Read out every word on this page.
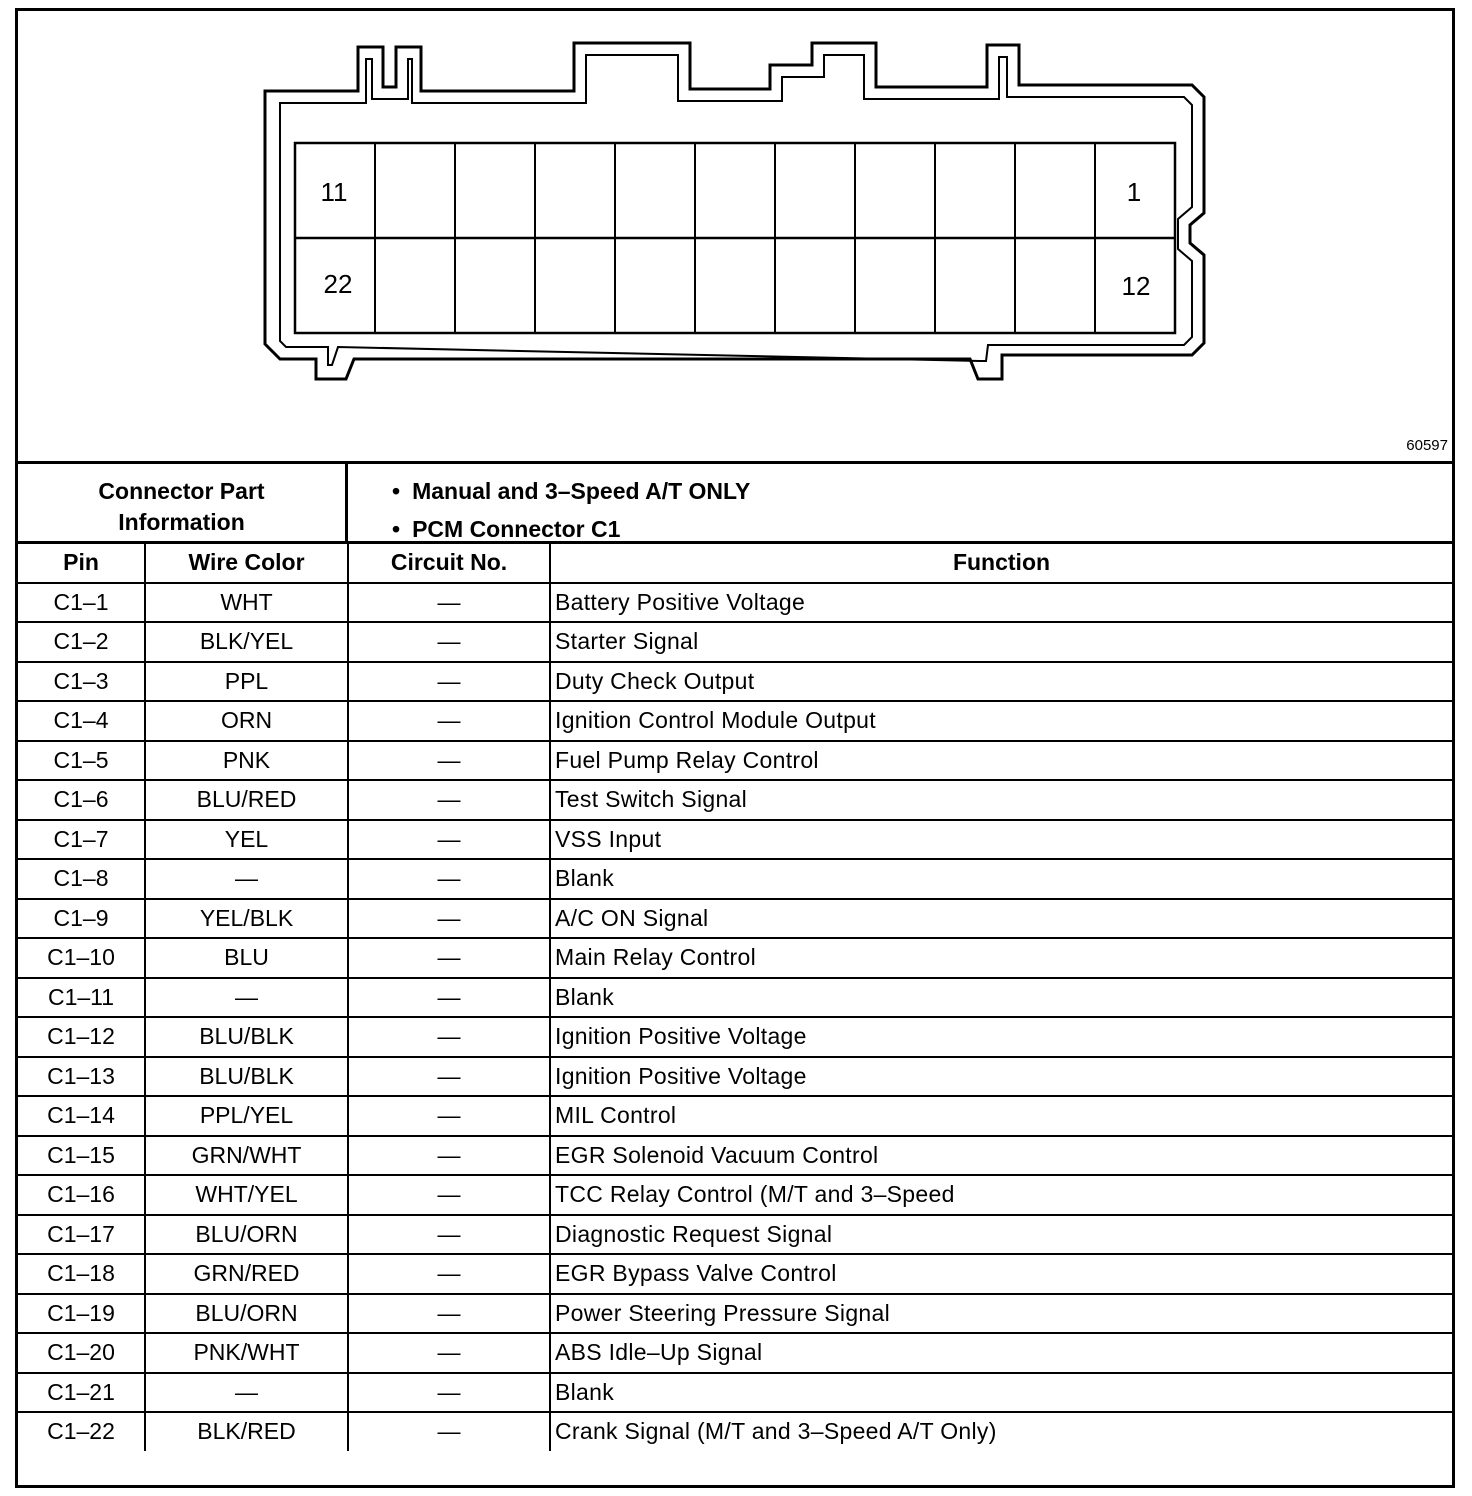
11	1
22	12
60597
Connector Part
Information
• Manual and 3–Speed A/T ONLY
• PCM Connector C1
Pin	Wire Color	Circuit No.	Function
C1–1	WHT	—	Battery Positive Voltage
C1–2	BLK/YEL	—	Starter Signal
C1–3	PPL	—	Duty Check Output
C1–4	ORN	—	Ignition Control Module Output
C1–5	PNK	—	Fuel Pump Relay Control
C1–6	BLU/RED	—	Test Switch Signal
C1–7	YEL	—	VSS Input
C1–8	—	—	Blank
C1–9	YEL/BLK	—	A/C ON Signal
C1–10	BLU	—	Main Relay Control
C1–11	—	—	Blank
C1–12	BLU/BLK	—	Ignition Positive Voltage
C1–13	BLU/BLK	—	Ignition Positive Voltage
C1–14	PPL/YEL	—	MIL Control
C1–15	GRN/WHT	—	EGR Solenoid Vacuum Control
C1–16	WHT/YEL	—	TCC Relay Control (M/T and 3–Speed
C1–17	BLU/ORN	—	Diagnostic Request Signal
C1–18	GRN/RED	—	EGR Bypass Valve Control
C1–19	BLU/ORN	—	Power Steering Pressure Signal
C1–20	PNK/WHT	—	ABS Idle–Up Signal
C1–21	—	—	Blank
C1–22	BLK/RED	—	Crank Signal (M/T and 3–Speed A/T Only)
